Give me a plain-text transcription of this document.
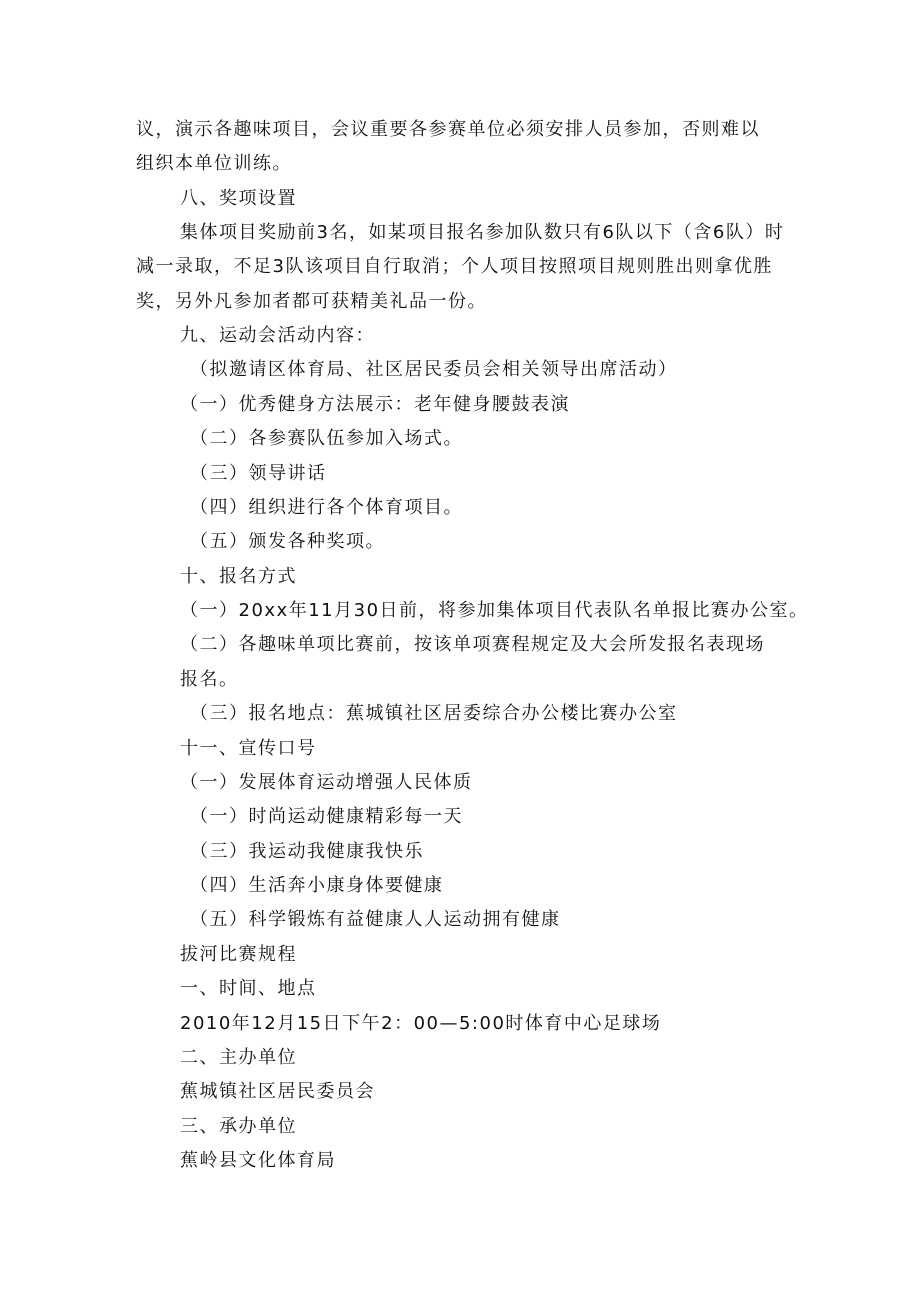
议，演示各趣味项目，会议重要各参赛单位必须安排人员参加，否则难以
组织本单位训练。
八、奖项设置
集体项目奖励前3名，如某项目报名参加队数只有6队以下（含6队）时
减一录取，不足3队该项目自行取消；个人项目按照项目规则胜出则拿优胜
奖，另外凡参加者都可获精美礼品一份。
九、运动会活动内容：
（拟邀请区体育局、社区居民委员会相关领导出席活动）
（一）优秀健身方法展示：老年健身腰鼓表演
（二）各参赛队伍参加入场式。
（三）领导讲话
（四）组织进行各个体育项目。
（五）颁发各种奖项。
十、报名方式
（一）20xx年11月30日前，将参加集体项目代表队名单报比赛办公室。
（二）各趣味单项比赛前，按该单项赛程规定及大会所发报名表现场
报名。
（三）报名地点：蕉城镇社区居委综合办公楼比赛办公室
十一、宣传口号
（一）发展体育运动增强人民体质
（一）时尚运动健康精彩每一天
（三）我运动我健康我快乐
（四）生活奔小康身体要健康
（五）科学锻炼有益健康人人运动拥有健康
拔河比赛规程
一、时间、地点
2010年12月15日下午2：00—5:00时体育中心足球场
二、主办单位
蕉城镇社区居民委员会
三、承办单位
蕉岭县文化体育局
